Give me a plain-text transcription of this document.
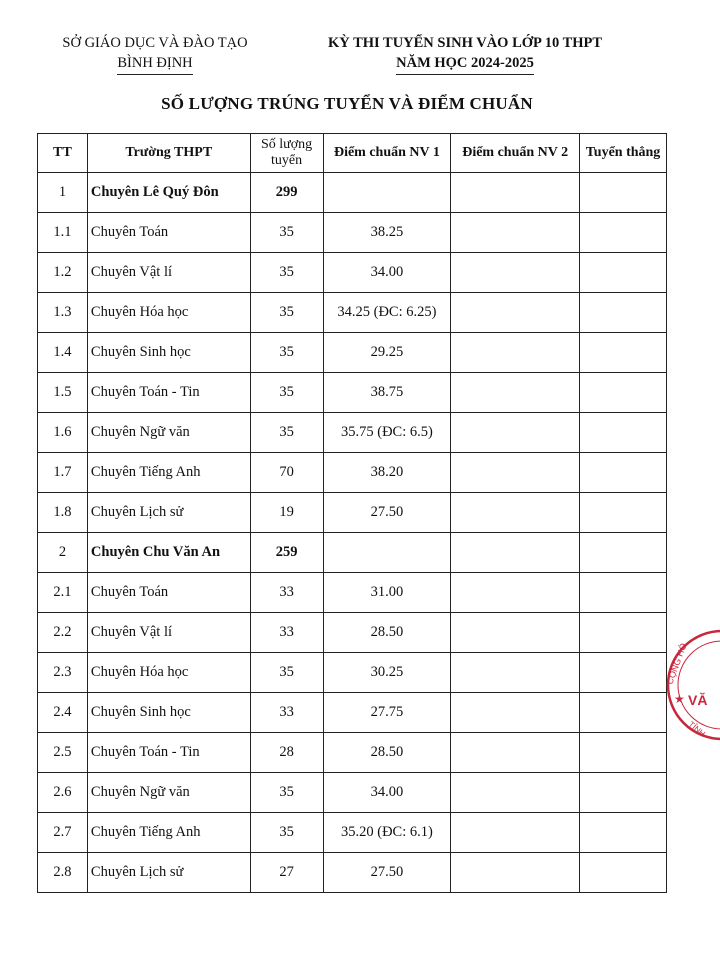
SỞ GIÁO DỤC VÀ ĐÀO TẠO
BÌNH ĐỊNH
KỲ THI TUYỂN SINH VÀO LỚP 10 THPT
NĂM HỌC 2024-2025
SỐ LƯỢNG TRÚNG TUYỂN VÀ ĐIỂM CHUẨN
TT	Trường THPT	Số lượng tuyển	Điểm chuẩn NV 1	Điểm chuẩn NV 2	Tuyển thẳng
1	Chuyên Lê Quý Đôn	299			
1.1	Chuyên Toán	35	38.25		
1.2	Chuyên Vật lí	35	34.00		
1.3	Chuyên Hóa học	35	34.25 (ĐC: 6.25)		
1.4	Chuyên Sinh học	35	29.25		
1.5	Chuyên Toán - Tin	35	38.75		
1.6	Chuyên Ngữ văn	35	35.75 (ĐC: 6.5)		
1.7	Chuyên Tiếng Anh	70	38.20		
1.8	Chuyên Lịch sử	19	27.50		
2	Chuyên Chu Văn An	259			
2.1	Chuyên Toán	33	31.00		
2.2	Chuyên Vật lí	33	28.50		
2.3	Chuyên Hóa học	35	30.25		
2.4	Chuyên Sinh học	33	27.75		
2.5	Chuyên Toán - Tin	28	28.50		
2.6	Chuyên Ngữ văn	35	34.00		
2.7	Chuyên Tiếng Anh	35	35.20 (ĐC: 6.1)		
2.8	Chuyên Lịch sử	27	27.50		
CỘNG HÒ
★ VĂ
TỈNH
